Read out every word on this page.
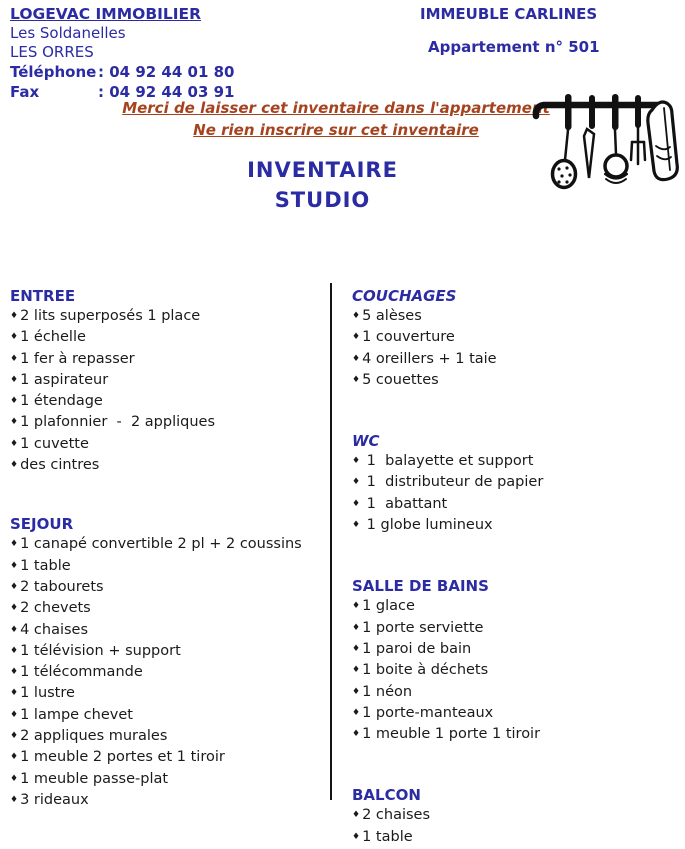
LOGEVAC IMMOBILIER
Les Soldanelles
LES ORRES
Téléphone : 04 92 44 01 80
Fax	: 04 92 44 03 91
IMMEUBLE CARLINES
Appartement n° 501
Merci de laisser cet inventaire dans l'appartement
Ne rien inscrire sur cet inventaire
INVENTAIRE
STUDIO
ENTREE
♦ 2 lits superposés 1 place
♦ 1 échelle
♦ 1 fer à repasser
♦ 1 aspirateur
♦ 1 étendage
♦ 1 plafonnier  -  2 appliques
♦ 1 cuvette
♦ des cintres
SEJOUR
♦ 1 canapé convertible 2 pl + 2 coussins
♦ 1 table
♦ 2 tabourets
♦ 2 chevets
♦ 4 chaises
♦ 1 télévision + support
♦ 1 télécommande
♦ 1 lustre
♦ 1 lampe chevet
♦ 2 appliques murales
♦ 1 meuble 2 portes et 1 tiroir
♦ 1 meuble passe-plat
♦ 3 rideaux
COUCHAGES
♦ 5 alèses
♦ 1 couverture
♦ 4 oreillers + 1 taie
♦ 5 couettes
WC
♦ 1  balayette et support
♦ 1  distributeur de papier
♦ 1  abattant
♦ 1 globe lumineux
SALLE DE BAINS
♦ 1 glace
♦ 1 porte serviette
♦ 1 paroi de bain
♦ 1 boite à déchets
♦ 1 néon
♦ 1 porte-manteaux
♦ 1 meuble 1 porte 1 tiroir
BALCON
♦ 2 chaises
♦ 1 table
